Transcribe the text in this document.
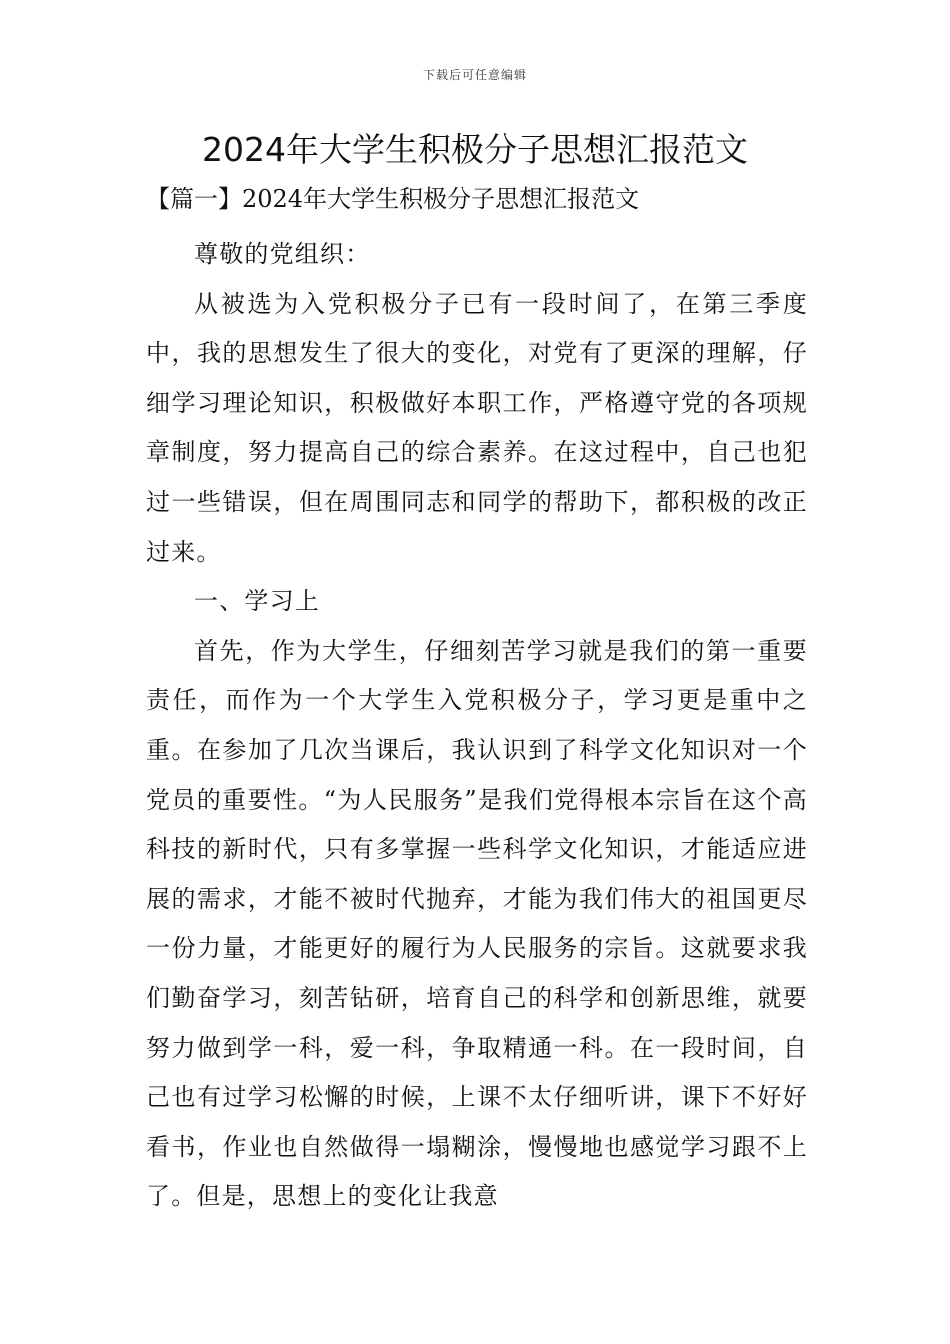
下载后可任意编辑
2024年大学生积极分子思想汇报范文

【篇一】2024年大学生积极分子思想汇报范文

尊敬的党组织：

从被选为入党积极分子已有一段时间了，在第三季度中，我的思想发生了很大的变化，对党有了更深的理解，仔细学习理论知识，积极做好本职工作，严格遵守党的各项规章制度，努力提高自己的综合素养。在这过程中，自己也犯过一些错误，但在周围同志和同学的帮助下，都积极的改正过来。

一、学习上

首先，作为大学生，仔细刻苦学习就是我们的第一重要责任，而作为一个大学生入党积极分子，学习更是重中之重。在参加了几次当课后，我认识到了科学文化知识对一个党员的重要性。“为人民服务”是我们党得根本宗旨在这个高科技的新时代，只有多掌握一些科学文化知识，才能适应进展的需求，才能不被时代抛弃，才能为我们伟大的祖国更尽一份力量，才能更好的履行为人民服务的宗旨。这就要求我们勤奋学习，刻苦钻研，培育自己的科学和创新思维，就要努力做到学一科，爱一科，争取精通一科。在一段时间，自己也有过学习松懈的时候，上课不太仔细听讲，课下不好好看书，作业也自然做得一塌糊涂，慢慢地也感觉学习跟不上了。但是，思想上的变化让我意
